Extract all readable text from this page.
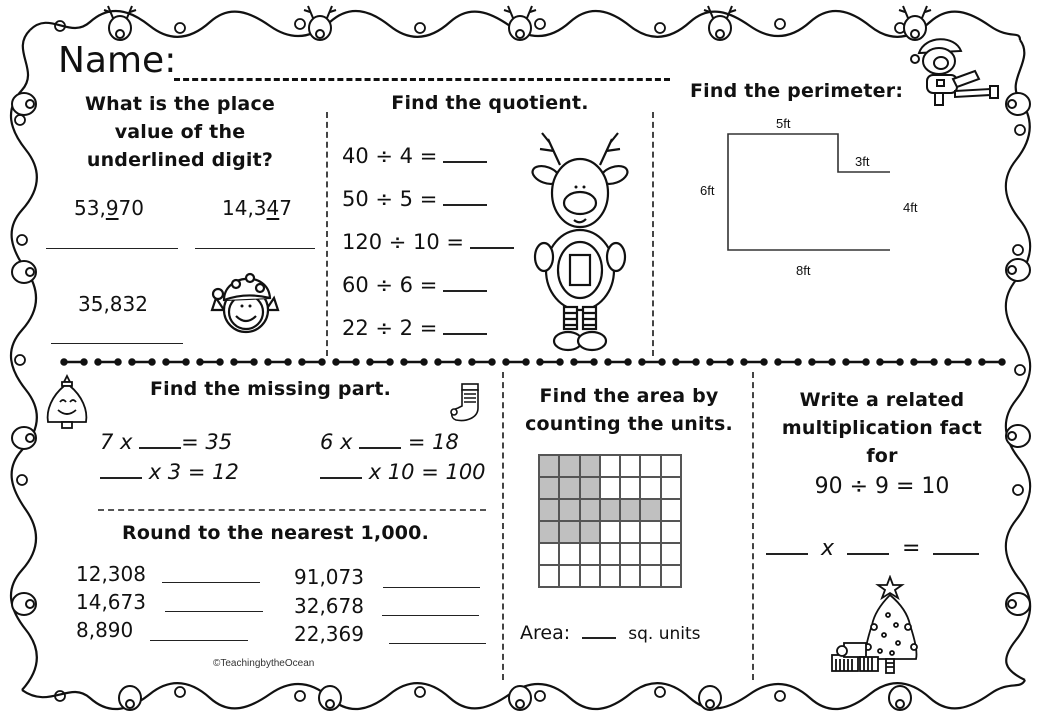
Name:
What is the place
value of the
underlined digit?
53,970	14,347
35,832
Find the quotient.
40 ÷ 4 =
50 ÷ 5 =
120 ÷ 10 =
60 ÷ 6 =
22 ÷ 2 =
Find the perimeter:
5ft
3ft
6ft
4ft
8ft
Find the missing part.
7 x = 35	6 x	= 18
x 3 = 12	x 10 = 100
Round to the nearest 1,000.
12,308
14,673
8,890
91,073
32,678
22,369
©TeachingbytheOcean
Find the area by
counting the units.
Area:	sq. units
Write a related
multiplication fact
for
90 ÷ 9 = 10
x	=
